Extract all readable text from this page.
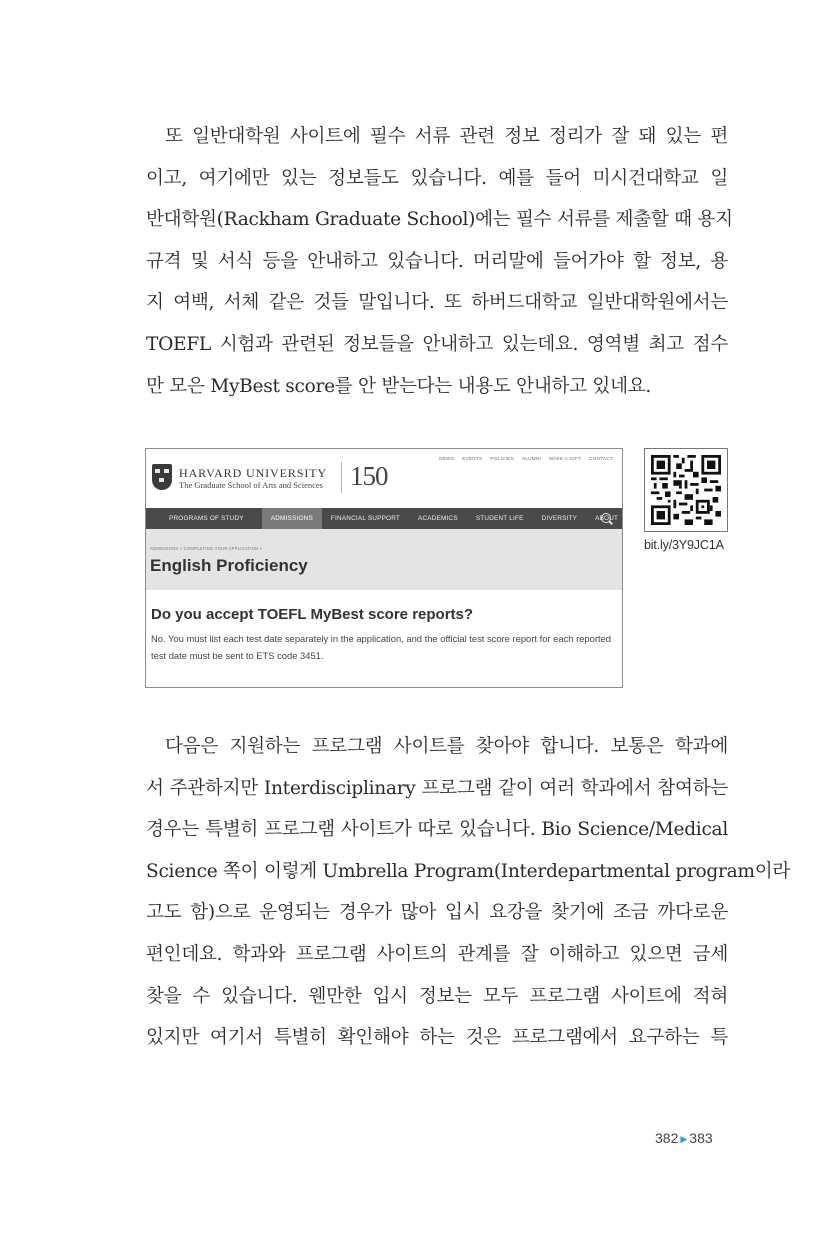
또 일반대학원 사이트에 필수 서류 관련 정보 정리가 잘 돼 있는 편
이고, 여기에만 있는 정보들도 있습니다. 예를 들어 미시건대학교 일
반대학원(Rackham Graduate School)에는 필수 서류를 제출할 때 용지
규격 및 서식 등을 안내하고 있습니다. 머리말에 들어가야 할 정보, 용
지 여백, 서체 같은 것들 말입니다. 또 하버드대학교 일반대학원에서는
TOEFL 시험과 관련된 정보들을 안내하고 있는데요. 영역별 최고 점수
만 모은 MyBest score를 안 받는다는 내용도 안내하고 있네요.
HARVARD UNIVERSITY
The Graduate School of Arts and Sciences 150
NEWS EVENTS POLICIES ALUMNI MAKE A GIFT CONTACT
PROGRAMS OF STUDY	ADMISSIONS	FINANCIAL SUPPORT	ACADEMICS	STUDENT LIFE	DIVERSITY	ABOUT
ADMISSIONS > COMPLETING YOUR APPLICATION >
English Proficiency
Do you accept TOEFL MyBest score reports?
No. You must list each test date separately in the application, and the official test score report for each reported test date must be sent to ETS code 3451.
bit.ly/3Y9JC1A
다음은 지원하는 프로그램 사이트를 찾아야 합니다. 보통은 학과에
서 주관하지만 Interdisciplinary 프로그램 같이 여러 학과에서 참여하는
경우는 특별히 프로그램 사이트가 따로 있습니다. Bio Science/Medical
Science 쪽이 이렇게 Umbrella Program(Interdepartmental program이라
고도 함)으로 운영되는 경우가 많아 입시 요강을 찾기에 조금 까다로운
편인데요. 학과와 프로그램 사이트의 관계를 잘 이해하고 있으면 금세
찾을 수 있습니다. 웬만한 입시 정보는 모두 프로그램 사이트에 적혀
있지만 여기서 특별히 확인해야 하는 것은 프로그램에서 요구하는 특
382 ▶ 383
